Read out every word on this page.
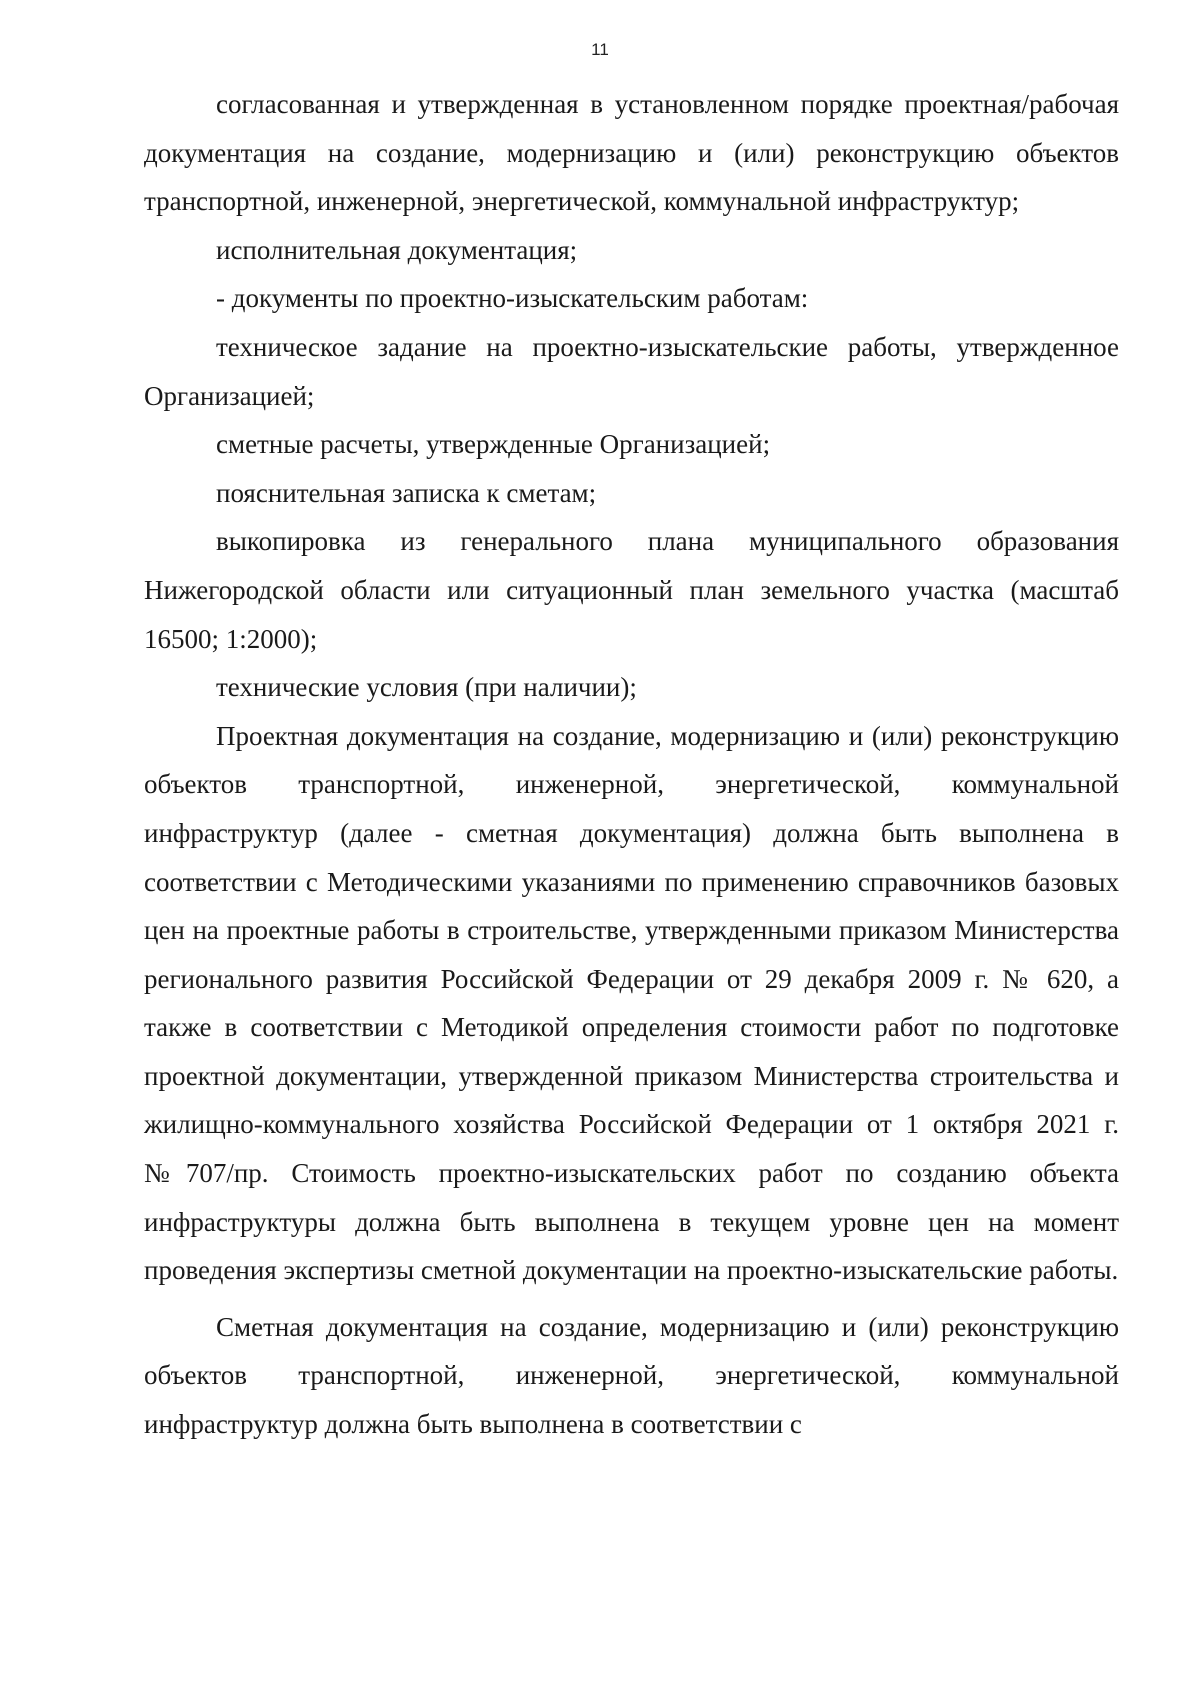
11

согласованная и утвержденная в установленном порядке проектная/рабочая документация на создание, модернизацию и (или) реконструкцию объектов транспортной, инженерной, энергетической, коммунальной инфраструктур;

исполнительная документация;

- документы по проектно-изыскательским работам:

техническое задание на проектно-изыскательские работы, утвержденное Организацией;

сметные расчеты, утвержденные Организацией;

пояснительная записка к сметам;

выкопировка из генерального плана муниципального образования Нижегородской области или ситуационный план земельного участка (масштаб 16500; 1:2000);

технические условия (при наличии);

Проектная документация на создание, модернизацию и (или) реконструкцию объектов транспортной, инженерной, энергетической, коммунальной инфраструктур (далее - сметная документация) должна быть выполнена в соответствии с Методическими указаниями по применению справочников базовых цен на проектные работы в строительстве, утвержденными приказом Министерства регионального развития Российской Федерации от 29 декабря 2009 г. № 620, а также в соответствии с Методикой определения стоимости работ по подготовке проектной документации, утвержденной приказом Министерства строительства и жилищно-коммунального хозяйства Российской Федерации от 1 октября 2021 г. №707/пр. Стоимость проектно-изыскательских работ по созданию объекта инфраструктуры должна быть выполнена в текущем уровне цен на момент проведения экспертизы сметной документации на проектно-изыскательские работы.

Сметная документация на создание, модернизацию и (или) реконструкцию объектов транспортной, инженерной, энергетической, коммунальной инфраструктур должна быть выполнена в соответствии с
